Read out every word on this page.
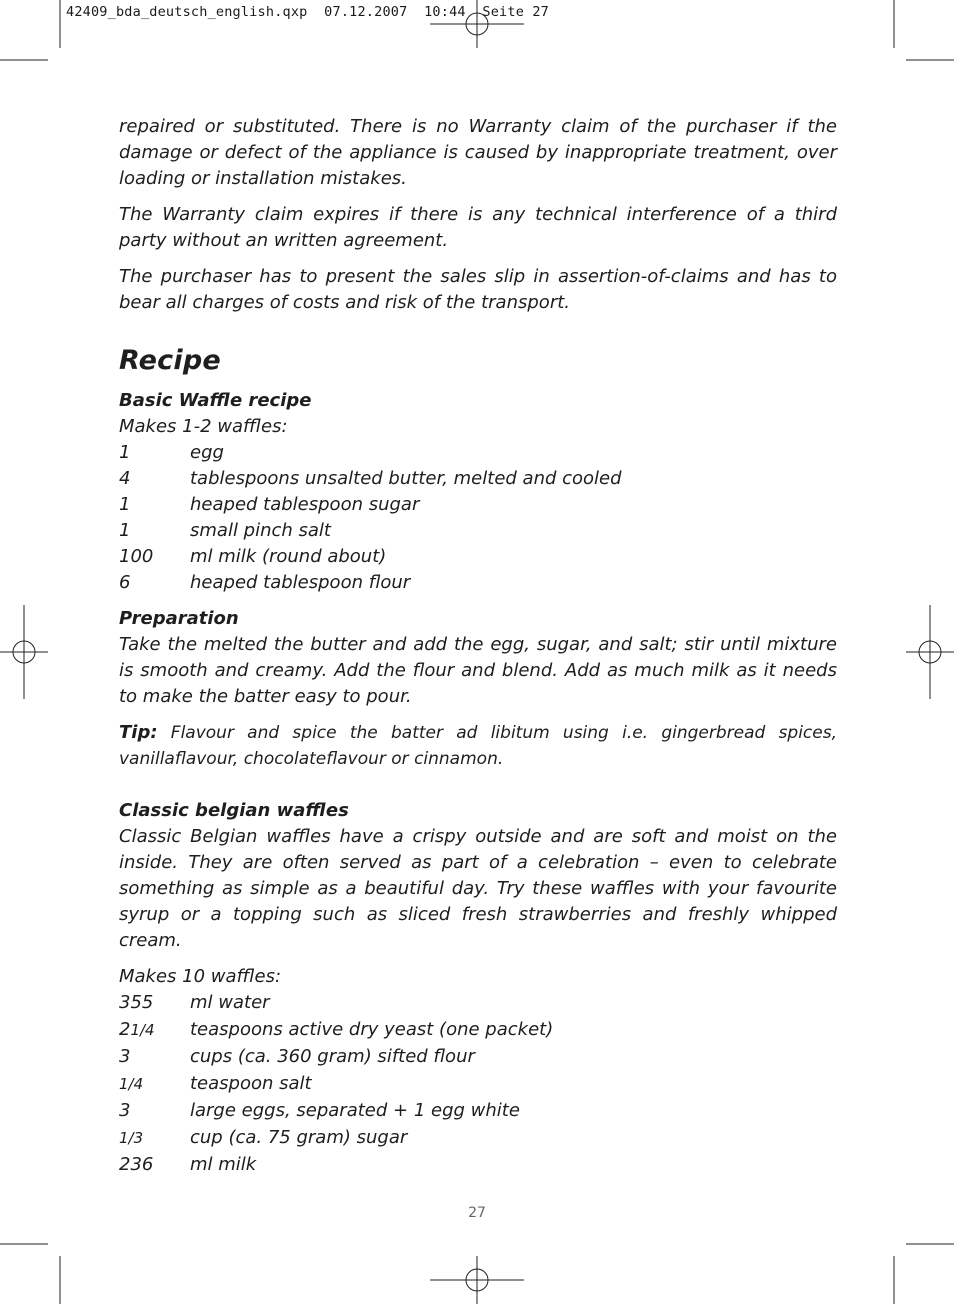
42409_bda_deutsch_english.qxp  07.12.2007  10:44  Seite 27

repaired or substituted. There is no Warranty claim of the purchaser if the damage or defect of the appliance is caused by inappropriate treatment, over loading or installation mistakes.

The Warranty claim expires if there is any technical interference of a third party without an written agreement.

The purchaser has to present the sales slip in assertion-of-claims and has to bear all charges of costs and risk of the transport.

Recipe

Basic Waffle recipe

Makes 1-2 waffles:

1	egg
4	tablespoons unsalted butter, melted and cooled
1	heaped tablespoon sugar
1	small pinch salt
100	ml milk (round about)
6	heaped tablespoon flour

Preparation

Take the melted the butter and add the egg, sugar, and salt; stir until mixture is smooth and creamy. Add the flour and blend. Add as much milk as it needs to make the batter easy to pour.

Tip: Flavour and spice the batter ad libitum using i.e. gingerbread spices, vanillaflavour, chocolateflavour or cinnamon.

Classic belgian waffles

Classic Belgian waffles have a crispy outside and are soft and moist on the inside. They are often served as part of a celebration – even to celebrate something as simple as a beautiful day. Try these waffles with your favourite syrup or a topping such as sliced fresh strawberries and freshly whipped cream.

Makes 10 waffles:

355	ml water
21/4	teaspoons active dry yeast (one packet)
3	cups (ca. 360 gram) sifted flour
1/4	teaspoon salt
3	large eggs, separated + 1 egg white
1/3	cup (ca. 75 gram) sugar
236	ml milk
27
